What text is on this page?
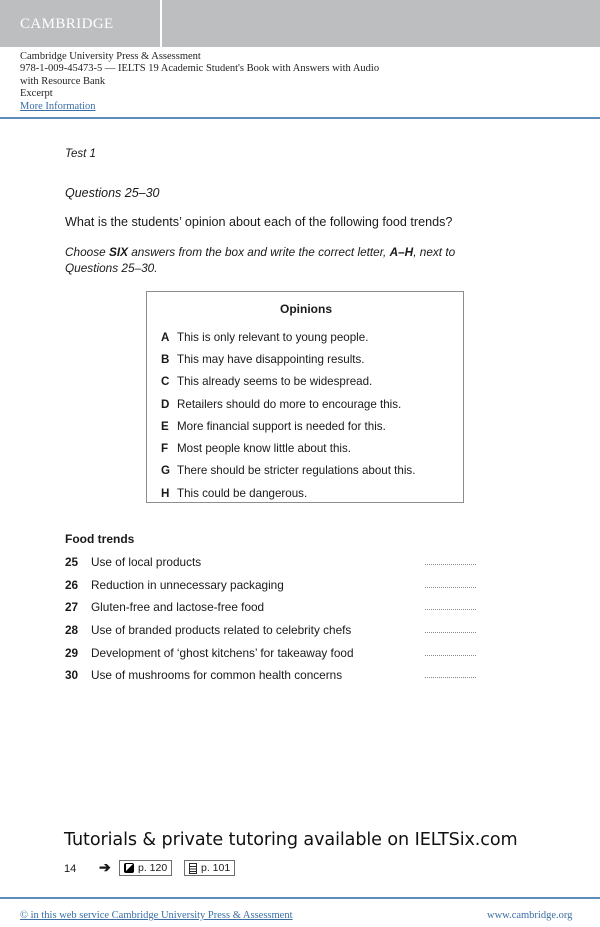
cambridge
Cambridge University Press & Assessment
978-1-009-45473-5 — IELTS 19 Academic Student's Book with Answers with Audio
with Resource Bank
Excerpt
More Information
Test 1
Questions 25–30
What is the students’ opinion about each of the following food trends?
Choose SIX answers from the box and write the correct letter, A–H, next to Questions 25–30.
Opinions
A This is only relevant to young people.
B This may have disappointing results.
C This already seems to be widespread.
D Retailers should do more to encourage this.
E More financial support is needed for this.
F Most people know little about this.
G There should be stricter regulations about this.
H This could be dangerous.
Food trends
25	Use of local products
26	Reduction in unnecessary packaging
27	Gluten-free and lactose-free food
28	Use of branded products related to celebrity chefs
29	Development of ‘ghost kitchens’ for takeaway food
30	Use of mushrooms for common health concerns
Tutorials & private tutoring available on IELTSix.com
14 ➔	p. 120	p. 101
© in this web service Cambridge University Press & Assessment	www.cambridge.org
